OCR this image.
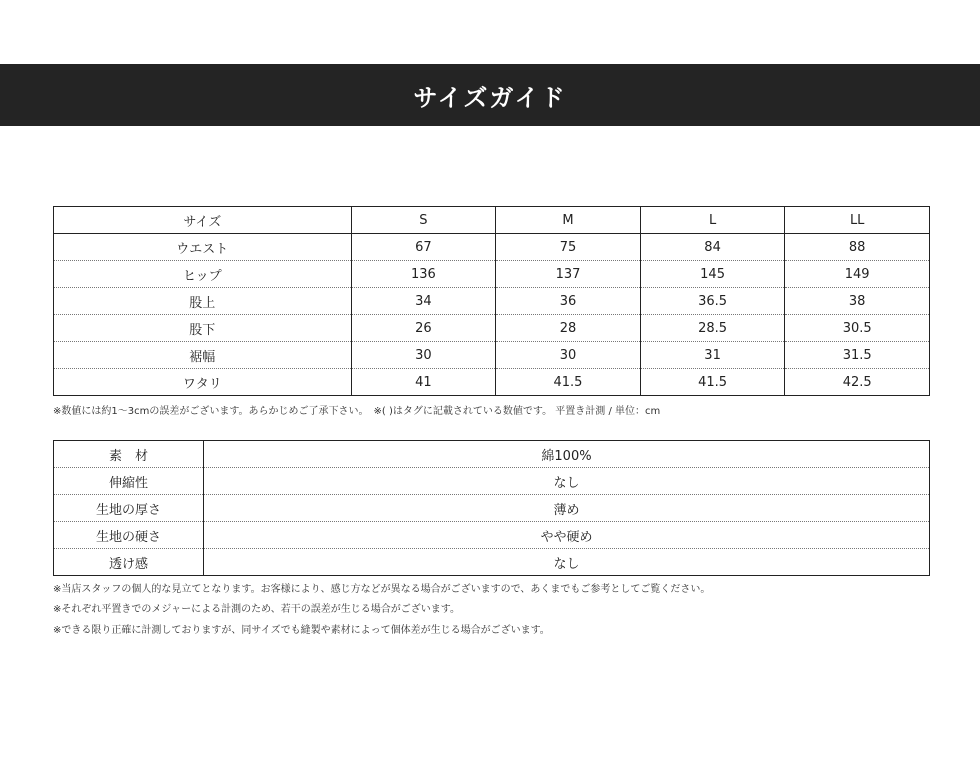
サイズガイド
サイズ	S	M	L	LL
ウエスト	67	75	84	88
ヒップ	136	137	145	149
股上	34	36	36.5	38
股下	26	28	28.5	30.5
裾幅	30	30	31	31.5
ワタリ	41	41.5	41.5	42.5
※数値には約1〜3cmの誤差がございます。あらかじめご了承下さい。　※( )はタグに記載されている数値です。 平置き計測 / 単位：cm
素　材	綿100%
伸縮性	なし
生地の厚さ	薄め
生地の硬さ	やや硬め
透け感	なし
※当店スタッフの個人的な見立てとなります。お客様により、感じ方などが異なる場合がございますので、あくまでもご参考としてご覧ください。
※それぞれ平置きでのメジャーによる計測のため、若干の誤差が生じる場合がございます。
※できる限り正確に計測しておりますが、同サイズでも縫製や素材によって個体差が生じる場合がございます。
